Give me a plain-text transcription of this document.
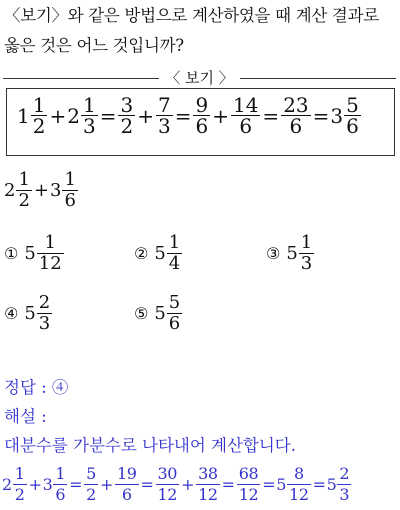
〈보기〉와 같은 방법으로 계산하였을 때 계산 결과로
옳은 것은 어느 것입니까?
〈 보기 〉
$1 \frac{1}{2} + 2 \frac{1}{3} = \frac{3}{2} + \frac{7}{3} = \frac{9}{6} + \frac{14}{6} = \frac{23}{6} = 3 \frac{5}{6}$
$2 \frac{1}{2} + 3 \frac{1}{6}$
① $5 \frac{1}{12}$	② $5 \frac{1}{4}$	③ $5 \frac{1}{3}$
④ $5 \frac{2}{3}$	⑤ $5 \frac{5}{6}$
정답 : ④
해설 :
대분수를 가분수로 나타내어 계산합니다.
$2 \frac{1}{2} + 3 \frac{1}{6} = \frac{5}{2} + \frac{19}{6} = \frac{30}{12} + \frac{38}{12} = \frac{68}{12} = 5 \frac{8}{12} = 5 \frac{2}{3}$
